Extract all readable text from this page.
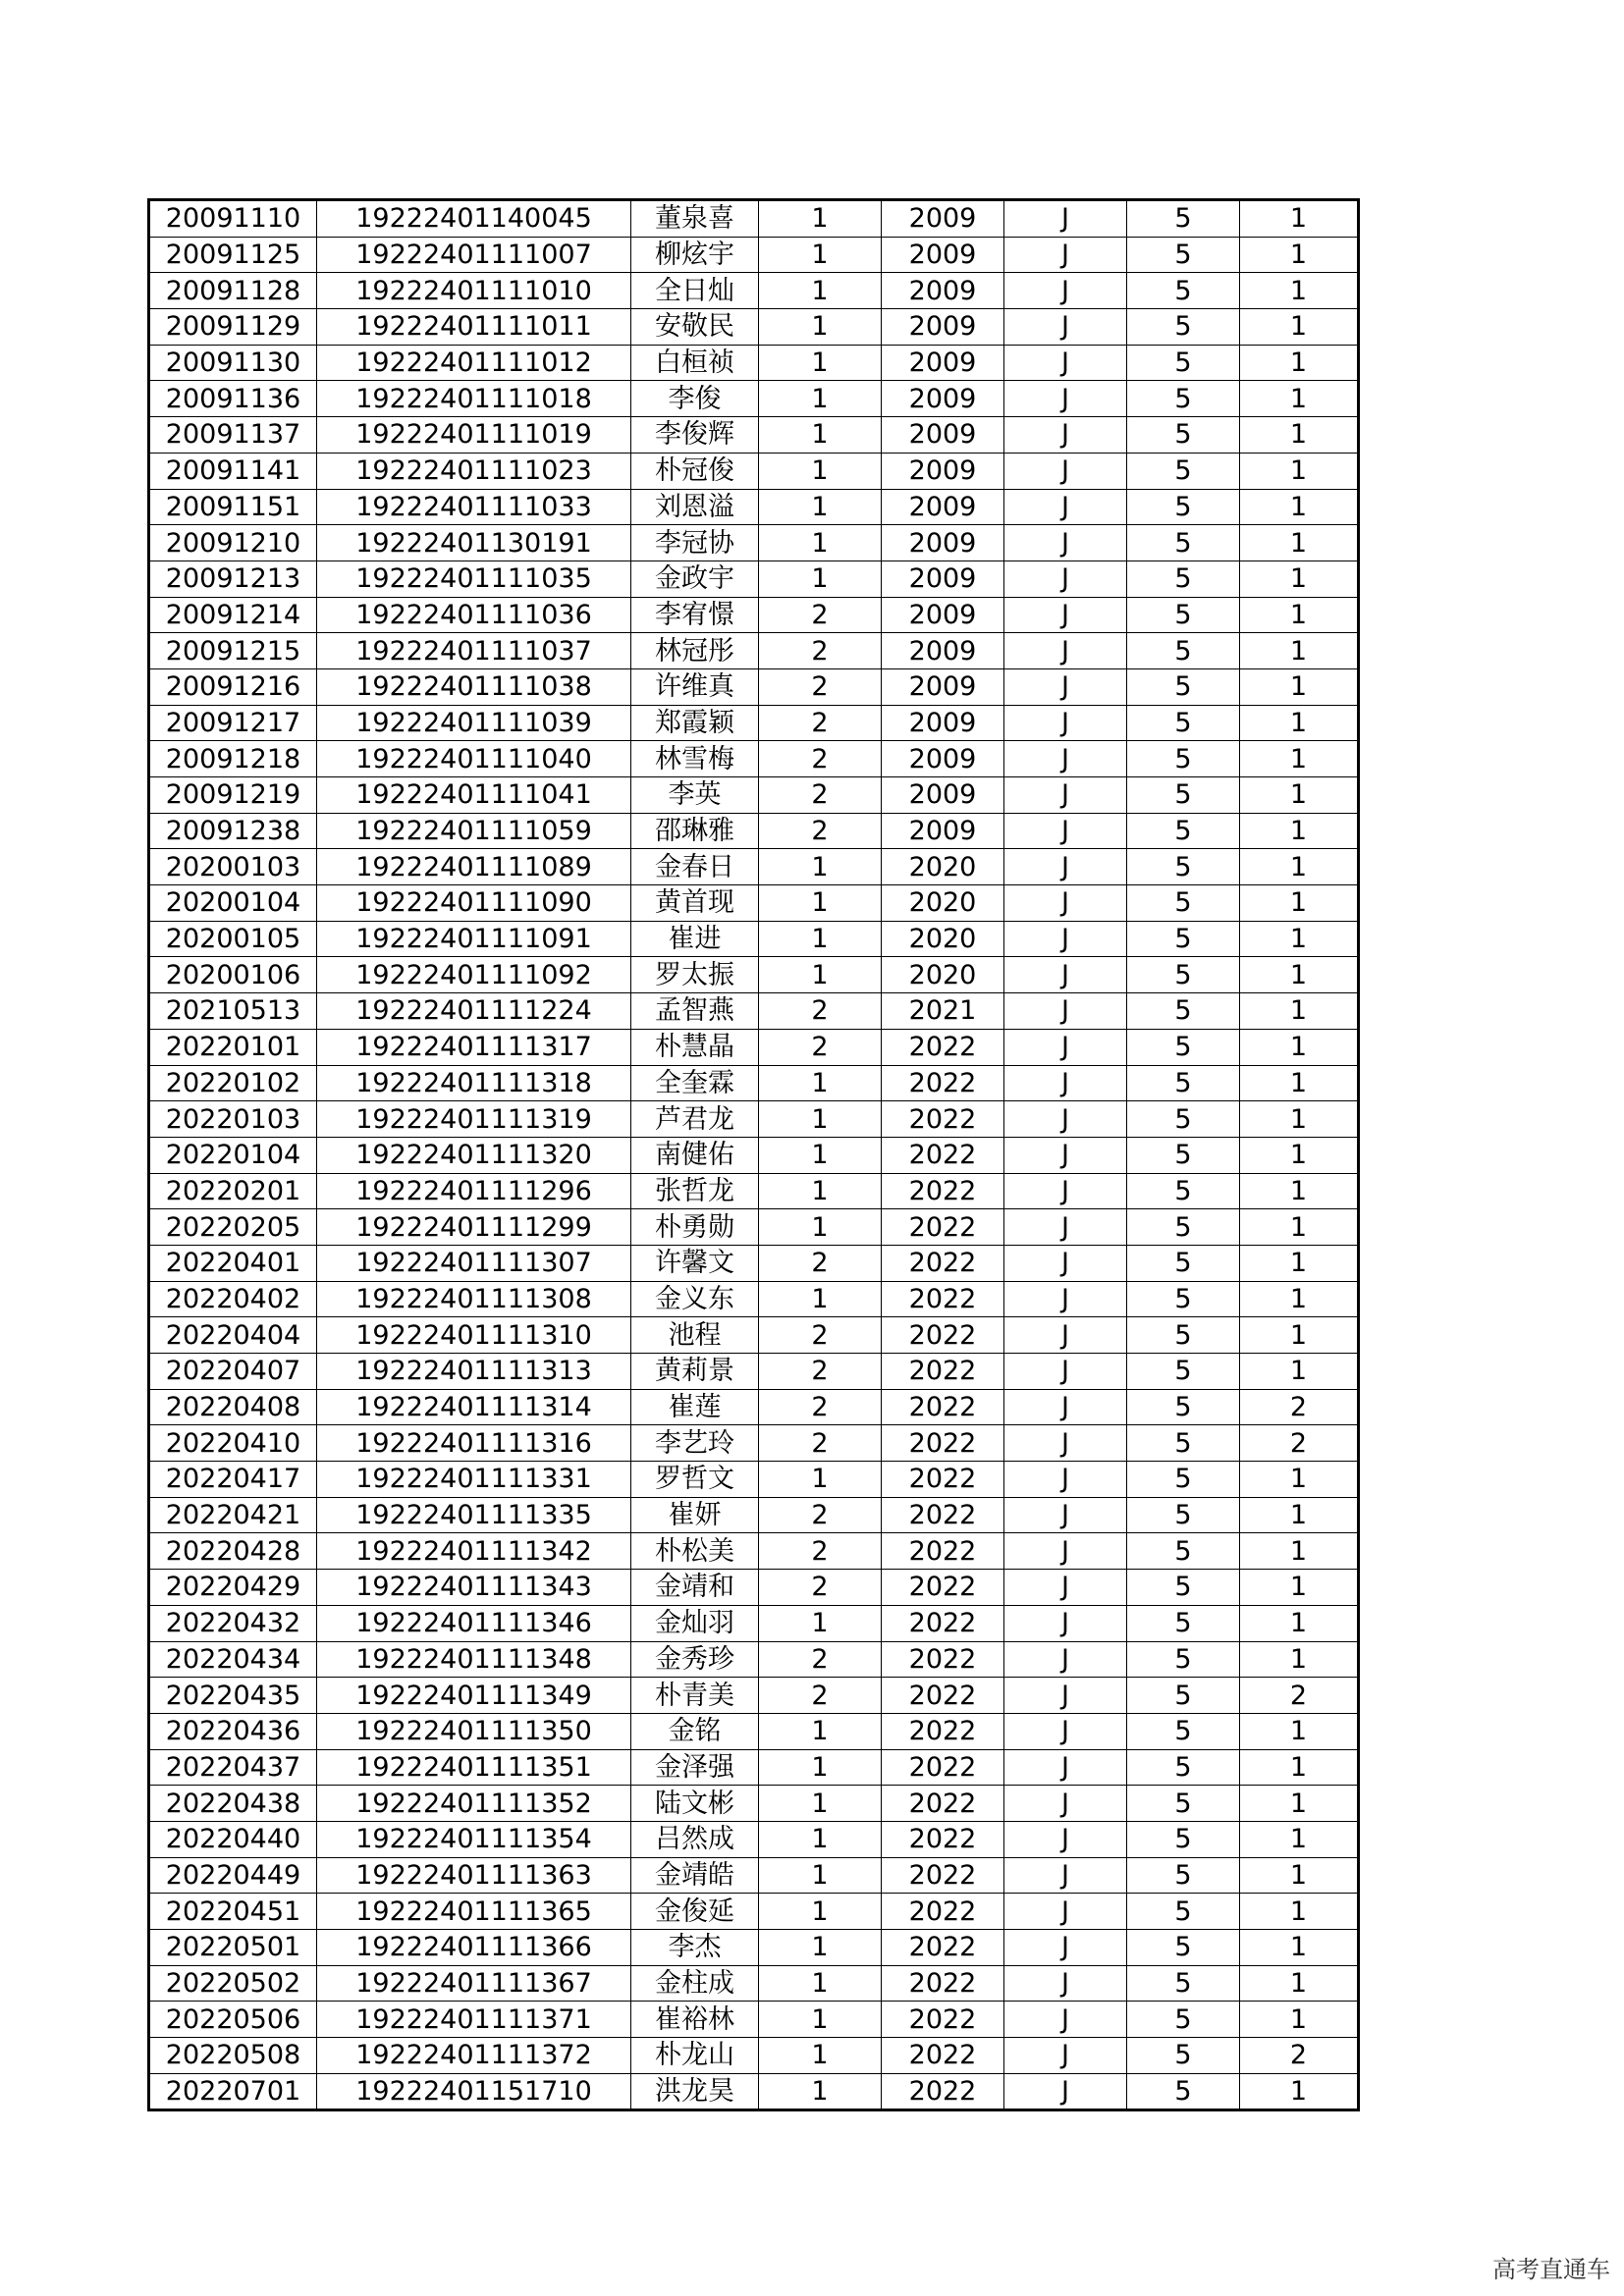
20091110	19222401140045	董泉喜	1	2009	J	5	1
20091125	19222401111007	柳炫宇	1	2009	J	5	1
20091128	19222401111010	全日灿	1	2009	J	5	1
20091129	19222401111011	安敬民	1	2009	J	5	1
20091130	19222401111012	白桓祯	1	2009	J	5	1
20091136	19222401111018	李俊	1	2009	J	5	1
20091137	19222401111019	李俊辉	1	2009	J	5	1
20091141	19222401111023	朴冠俊	1	2009	J	5	1
20091151	19222401111033	刘恩溢	1	2009	J	5	1
20091210	19222401130191	李冠协	1	2009	J	5	1
20091213	19222401111035	金政宇	1	2009	J	5	1
20091214	19222401111036	李宥憬	2	2009	J	5	1
20091215	19222401111037	林冠彤	2	2009	J	5	1
20091216	19222401111038	许维真	2	2009	J	5	1
20091217	19222401111039	郑霞颖	2	2009	J	5	1
20091218	19222401111040	林雪梅	2	2009	J	5	1
20091219	19222401111041	李英	2	2009	J	5	1
20091238	19222401111059	邵琳雅	2	2009	J	5	1
20200103	19222401111089	金春日	1	2020	J	5	1
20200104	19222401111090	黄首现	1	2020	J	5	1
20200105	19222401111091	崔进	1	2020	J	5	1
20200106	19222401111092	罗太振	1	2020	J	5	1
20210513	19222401111224	孟智燕	2	2021	J	5	1
20220101	19222401111317	朴慧晶	2	2022	J	5	1
20220102	19222401111318	全奎霖	1	2022	J	5	1
20220103	19222401111319	芦君龙	1	2022	J	5	1
20220104	19222401111320	南健佑	1	2022	J	5	1
20220201	19222401111296	张哲龙	1	2022	J	5	1
20220205	19222401111299	朴勇勋	1	2022	J	5	1
20220401	19222401111307	许馨文	2	2022	J	5	1
20220402	19222401111308	金义东	1	2022	J	5	1
20220404	19222401111310	池程	2	2022	J	5	1
20220407	19222401111313	黄莉景	2	2022	J	5	1
20220408	19222401111314	崔莲	2	2022	J	5	2
20220410	19222401111316	李艺玲	2	2022	J	5	2
20220417	19222401111331	罗哲文	1	2022	J	5	1
20220421	19222401111335	崔妍	2	2022	J	5	1
20220428	19222401111342	朴松美	2	2022	J	5	1
20220429	19222401111343	金靖和	2	2022	J	5	1
20220432	19222401111346	金灿羽	1	2022	J	5	1
20220434	19222401111348	金秀珍	2	2022	J	5	1
20220435	19222401111349	朴青美	2	2022	J	5	2
20220436	19222401111350	金铭	1	2022	J	5	1
20220437	19222401111351	金泽强	1	2022	J	5	1
20220438	19222401111352	陆文彬	1	2022	J	5	1
20220440	19222401111354	吕然成	1	2022	J	5	1
20220449	19222401111363	金靖皓	1	2022	J	5	1
20220451	19222401111365	金俊延	1	2022	J	5	1
20220501	19222401111366	李杰	1	2022	J	5	1
20220502	19222401111367	金柱成	1	2022	J	5	1
20220506	19222401111371	崔裕林	1	2022	J	5	1
20220508	19222401111372	朴龙山	1	2022	J	5	2
20220701	19222401151710	洪龙昊	1	2022	J	5	1
高考直通车
